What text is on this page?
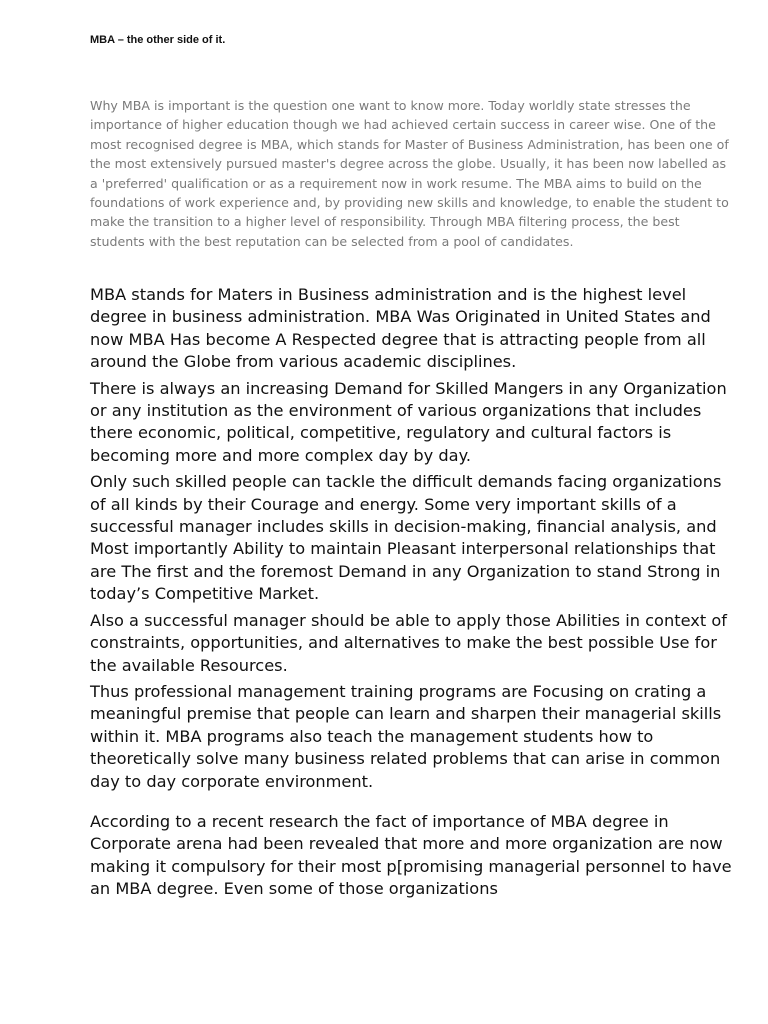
MBA – the other side of it.

Why MBA is important is the question one want to know more. Today worldly state stresses the importance of higher education though we had achieved certain success in career wise. One of the most recognised degree is MBA, which stands for Master of Business Administration, has been one of the most extensively pursued master's degree across the globe. Usually, it has been now labelled as a 'preferred' qualification or as a requirement now in work resume. The MBA aims to build on the foundations of work experience and, by providing new skills and knowledge, to enable the student to make the transition to a higher level of responsibility. Through MBA filtering process, the best students with the best reputation can be selected from a pool of candidates.

MBA stands for Maters in Business administration and is the highest level degree in business administration. MBA Was Originated in United States and now MBA Has become A Respected degree that is attracting people from all around the Globe from various academic disciplines.

There is always an increasing Demand for Skilled Mangers in any Organization or any institution as the environment of various organizations that includes there economic, political, competitive, regulatory and cultural factors is becoming more and more complex day by day.

Only such skilled people can tackle the difficult demands facing organizations of all kinds by their Courage and energy. Some very important skills of a successful manager includes skills in decision-making, financial analysis, and Most importantly Ability to maintain Pleasant interpersonal relationships that are The first and the foremost Demand in any Organization to stand Strong in today’s Competitive Market.

Also a successful manager should be able to apply those Abilities in context of constraints, opportunities, and alternatives to make the best possible Use for the available Resources.

Thus professional management training programs are Focusing on crating a meaningful premise that people can learn and sharpen their managerial skills within it. MBA programs also teach the management students how to theoretically solve many business related problems that can arise in common day to day corporate environment.

According to a recent research the fact of importance of MBA degree in Corporate arena had been revealed that more and more organization are now making it compulsory for their most p[promising managerial personnel to have an MBA degree. Even some of those organizations
